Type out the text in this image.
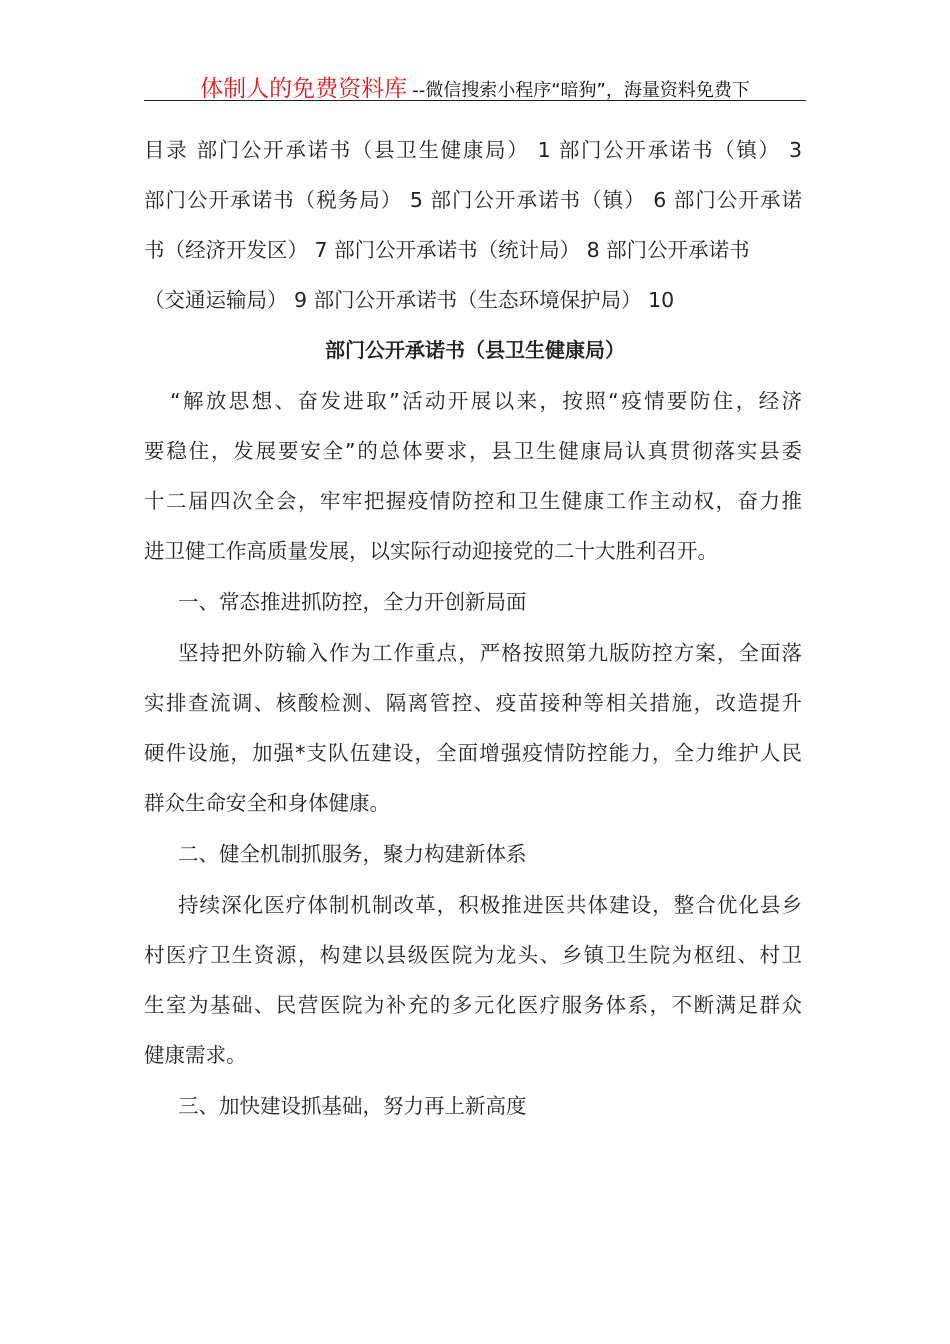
体制人的免费资料库 --微信搜索小程序“暗狗”，海量资料免费下
目录 部门公开承诺书（县卫生健康局） 1 部门公开承诺书（镇） 3
部门公开承诺书（税务局） 5 部门公开承诺书（镇） 6 部门公开承诺
书（经济开发区） 7 部门公开承诺书（统计局） 8 部门公开承诺书
（交通运输局） 9 部门公开承诺书（生态环境保护局） 10
部门公开承诺书（县卫生健康局）
“解放思想、奋发进取”活动开展以来，按照“疫情要防住，经济
要稳住，发展要安全”的总体要求，县卫生健康局认真贯彻落实县委
十二届四次全会，牢牢把握疫情防控和卫生健康工作主动权，奋力推
进卫健工作高质量发展，以实际行动迎接党的二十大胜利召开。
一、常态推进抓防控，全力开创新局面
坚持把外防输入作为工作重点，严格按照第九版防控方案，全面落
实排查流调、核酸检测、隔离管控、疫苗接种等相关措施，改造提升
硬件设施，加强*支队伍建设，全面增强疫情防控能力，全力维护人民
群众生命安全和身体健康。
二、健全机制抓服务，聚力构建新体系
持续深化医疗体制机制改革，积极推进医共体建设，整合优化县乡
村医疗卫生资源，构建以县级医院为龙头、乡镇卫生院为枢纽、村卫
生室为基础、民营医院为补充的多元化医疗服务体系，不断满足群众
健康需求。
三、加快建设抓基础，努力再上新高度
